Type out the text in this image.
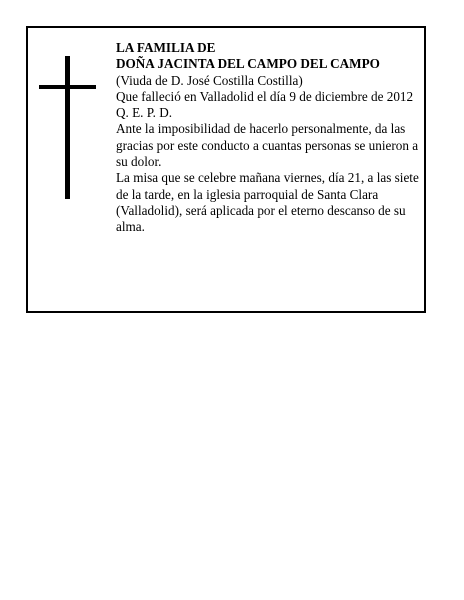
LA FAMILIA DE

DOÑA JACINTA DEL CAMPO DEL CAMPO

(Viuda de D. José Costilla Costilla)

Que falleció en Valladolid el día 9 de diciembre de 2012

Q. E. P. D.

Ante la imposibilidad de hacerlo personalmente, da las gracias por este conducto a cuantas personas se unieron a su dolor.

La misa que se celebre mañana viernes, día 21, a las siete de la tarde, en la iglesia parroquial de Santa Clara (Valladolid), será aplicada por el eterno descanso de su alma.
